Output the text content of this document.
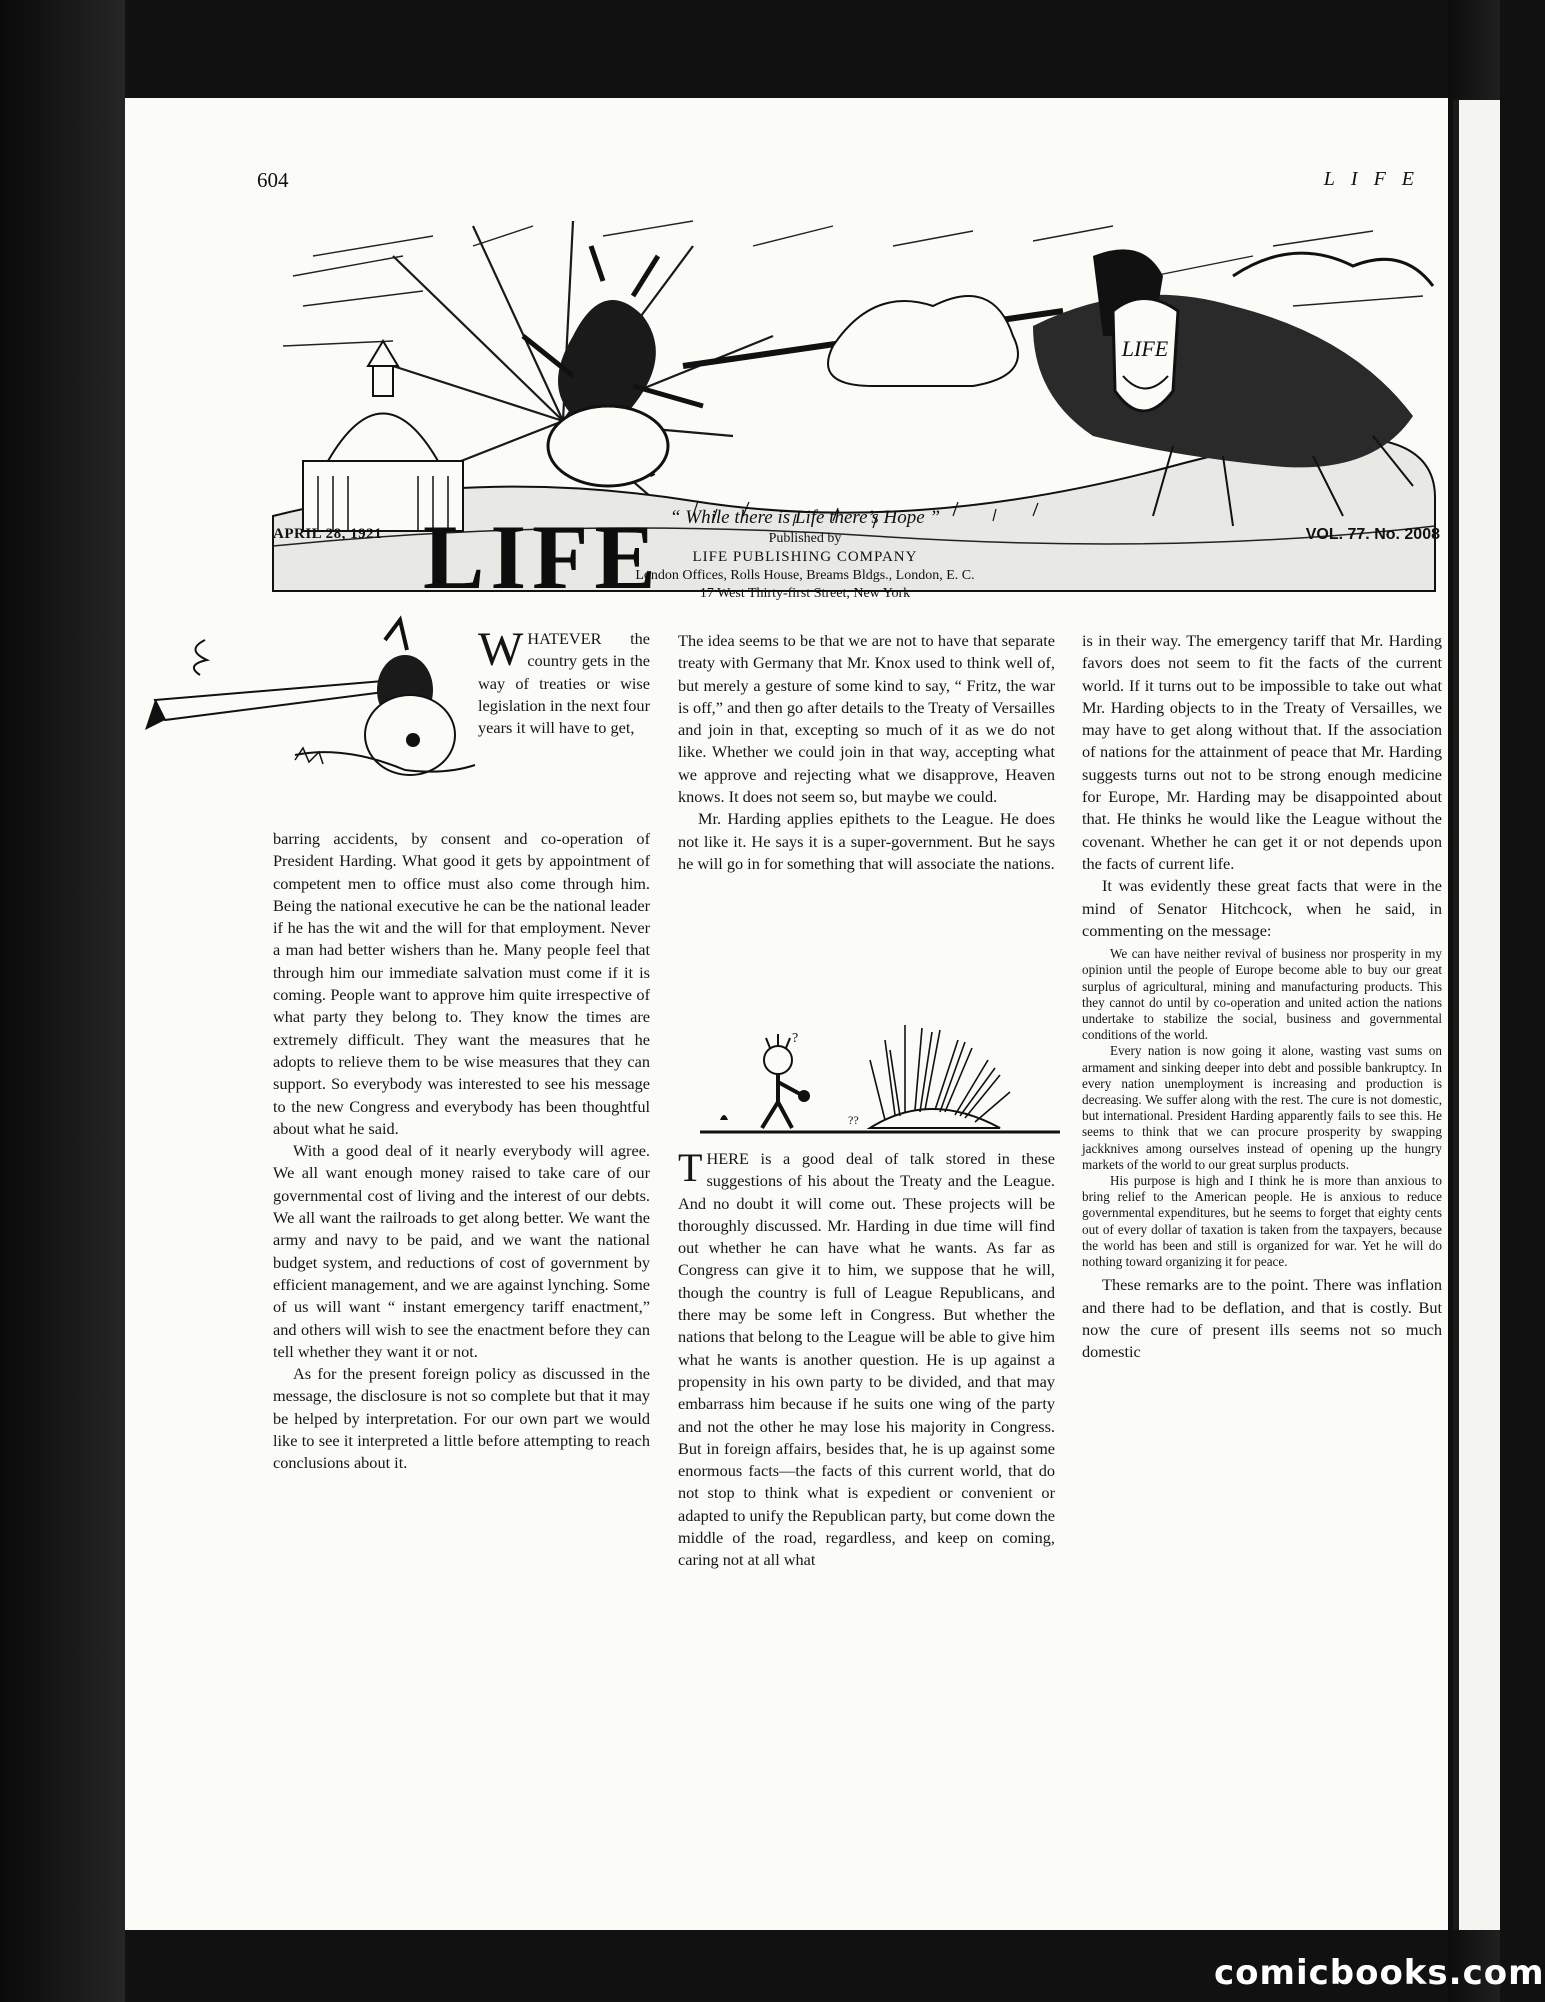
604	LIFE
LIFE
LIFE
APRIL 28, 1921	VOL. 77. No. 2008
“ While there is Life there’s Hope ”
Published by
LIFE PUBLISHING COMPANY
London Offices, Rolls House, Breams Bldgs., London, E. C.
17 West Thirty-first Street, New York
WHATEVER the country gets in the way of treaties or wise legislation in the next four years it will have to get,

barring accidents, by consent and co-operation of President Harding. What good it gets by appointment of competent men to office must also come through him. Being the national executive he can be the national leader if he has the wit and the will for that employment. Never a man had better wishers than he. Many people feel that through him our immediate salvation must come if it is coming. People want to approve him quite irrespective of what party they belong to. They know the times are extremely difficult. They want the measures that he adopts to relieve them to be wise measures that they can support. So everybody was interested to see his message to the new Congress and everybody has been thoughtful about what he said.

With a good deal of it nearly everybody will agree. We all want enough money raised to take care of our governmental cost of living and the interest of our debts. We all want the railroads to get along better. We want the army and navy to be paid, and we want the national budget system, and reductions of cost of government by efficient management, and we are against lynching. Some of us will want “ instant emergency tariff enactment,” and others will wish to see the enactment before they can tell whether they want it or not.

As for the present foreign policy as discussed in the message, the disclosure is not so complete but that it may be helped by interpretation. For our own part we would like to see it interpreted a little before attempting to reach conclusions about it.

The idea seems to be that we are not to have that separate treaty with Germany that Mr. Knox used to think well of, but merely a gesture of some kind to say, “ Fritz, the war is off,” and then go after details to the Treaty of Versailles and join in that, excepting so much of it as we do not like. Whether we could join in that way, accepting what we approve and rejecting what we disapprove, Heaven knows. It does not seem so, but maybe we could.

Mr. Harding applies epithets to the League. He does not like it. He says it is a super-government. But he says he will go in for something that will associate the nations.

?
??

THERE is a good deal of talk stored in these suggestions of his about the Treaty and the League. And no doubt it will come out. These projects will be thoroughly discussed. Mr. Harding in due time will find out whether he can have what he wants. As far as Congress can give it to him, we suppose that he will, though the country is full of League Republicans, and there may be some left in Congress. But whether the nations that belong to the League will be able to give him what he wants is another question. He is up against a propensity in his own party to be divided, and that may embarrass him because if he suits one wing of the party and not the other he may lose his majority in Congress. But in foreign affairs, besides that, he is up against some enormous facts—the facts of this current world, that do not stop to think what is expedient or convenient or adapted to unify the Republican party, but come down the middle of the road, regardless, and keep on coming, caring not at all what

is in their way. The emergency tariff that Mr. Harding favors does not seem to fit the facts of the current world. If it turns out to be impossible to take out what Mr. Harding objects to in the Treaty of Versailles, we may have to get along without that. If the association of nations for the attainment of peace that Mr. Harding suggests turns out not to be strong enough medicine for Europe, Mr. Harding may be disappointed about that. He thinks he would like the League without the covenant. Whether he can get it or not depends upon the facts of current life.

It was evidently these great facts that were in the mind of Senator Hitchcock, when he said, in commenting on the message:

We can have neither revival of business nor prosperity in my opinion until the people of Europe become able to buy our great surplus of agricultural, mining and manufacturing products. This they cannot do until by co-operation and united action the nations undertake to stabilize the social, business and governmental conditions of the world.

Every nation is now going it alone, wasting vast sums on armament and sinking deeper into debt and possible bankruptcy. In every nation unemployment is increasing and production is decreasing. We suffer along with the rest. The cure is not domestic, but international. President Harding apparently fails to see this. He seems to think that we can procure prosperity by swapping jackknives among ourselves instead of opening up the hungry markets of the world to our great surplus products.

His purpose is high and I think he is more than anxious to bring relief to the American people. He is anxious to reduce governmental expenditures, but he seems to forget that eighty cents out of every dollar of taxation is taken from the taxpayers, because the world has been and still is organized for war. Yet he will do nothing toward organizing it for peace.

These remarks are to the point. There was inflation and there had to be deflation, and that is costly. But now the cure of present ills seems not so much domestic

comicbooks.com
